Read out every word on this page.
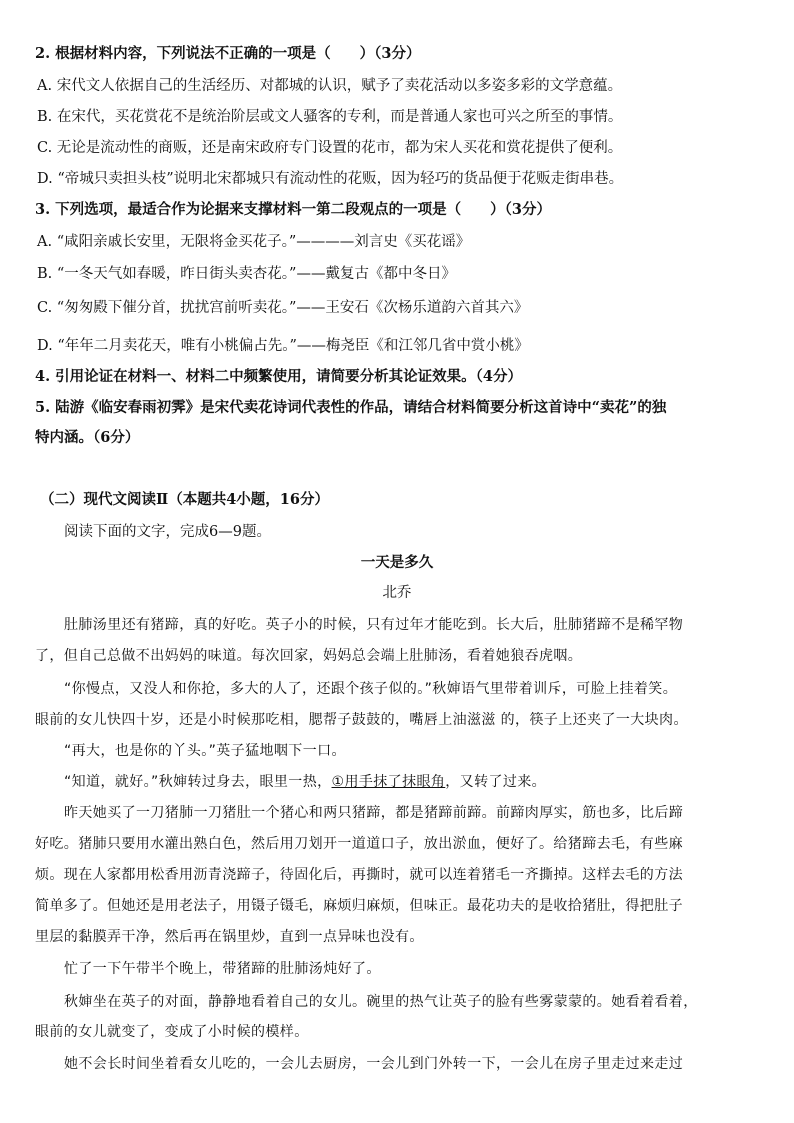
2. 根据材料内容，下列说法不正确的一项是（　　）（3分）
A. 宋代文人依据自己的生活经历、对都城的认识，赋予了卖花活动以多姿多彩的文学意蕴。
B. 在宋代，买花赏花不是统治阶层或文人骚客的专利，而是普通人家也可兴之所至的事情。
C. 无论是流动性的商贩，还是南宋政府专门设置的花市，都为宋人买花和赏花提供了便利。
D. “帝城只卖担头枝”说明北宋都城只有流动性的花贩，因为轻巧的货品便于花贩走街串巷。
3. 下列选项，最适合作为论据来支撑材料一第二段观点的一项是（　　）（3分）
A. “咸阳亲戚长安里，无限将金买花子。”————刘言史《买花谣》
B. “一冬天气如春暖，昨日街头卖杏花。”——戴复古《都中冬日》
C. “匆匆殿下催分首，扰扰宫前听卖花。”——王安石《次杨乐道韵六首其六》
D. “年年二月卖花天，唯有小桃偏占先。”——梅尧臣《和江邻几省中赏小桃》
4. 引用论证在材料一、材料二中频繁使用，请简要分析其论证效果。（4分）
5. 陆游《临安春雨初霁》是宋代卖花诗词代表性的作品，请结合材料简要分析这首诗中“卖花”的独
特内涵。（6分）
（二）现代文阅读Ⅱ（本题共4小题，16分）
阅读下面的文字，完成6—9题。
一天是多久
北乔
肚肺汤里还有猪蹄，真的好吃。英子小的时候，只有过年才能吃到。长大后，肚肺猪蹄不是稀罕物
了，但自己总做不出妈妈的味道。每次回家，妈妈总会端上肚肺汤，看着她狼吞虎咽。
“你慢点，又没人和你抢，多大的人了，还跟个孩子似的。”秋婶语气里带着训斥，可脸上挂着笑。
眼前的女儿快四十岁，还是小时候那吃相，腮帮子鼓鼓的，嘴唇上油滋滋 的，筷子上还夹了一大块肉。
“再大，也是你的丫头。”英子猛地咽下一口。
“知道，就好。”秋婶转过身去，眼里一热，①用手抹了抹眼角，又转了过来。
昨天她买了一刀猪肺一刀猪肚一个猪心和两只猪蹄，都是猪蹄前蹄。前蹄肉厚实，筋也多，比后蹄
好吃。猪肺只要用水灌出熟白色，然后用刀划开一道道口子，放出淤血，便好了。给猪蹄去毛，有些麻
烦。现在人家都用松香用沥青浇蹄子，待固化后，再撕时，就可以连着猪毛一齐撕掉。这样去毛的方法
简单多了。但她还是用老法子，用镊子镊毛，麻烦归麻烦，但味正。最花功夫的是收拾猪肚，得把肚子
里层的黏膜弄干净，然后再在锅里炒，直到一点异味也没有。
忙了一下午带半个晚上，带猪蹄的肚肺汤炖好了。
秋婶坐在英子的对面，静静地看着自己的女儿。碗里的热气让英子的脸有些雾蒙蒙的。她看着看着，
眼前的女儿就变了，变成了小时候的模样。
她不会长时间坐着看女儿吃的，一会儿去厨房，一会儿到门外转一下，一会儿在房子里走过来走过
